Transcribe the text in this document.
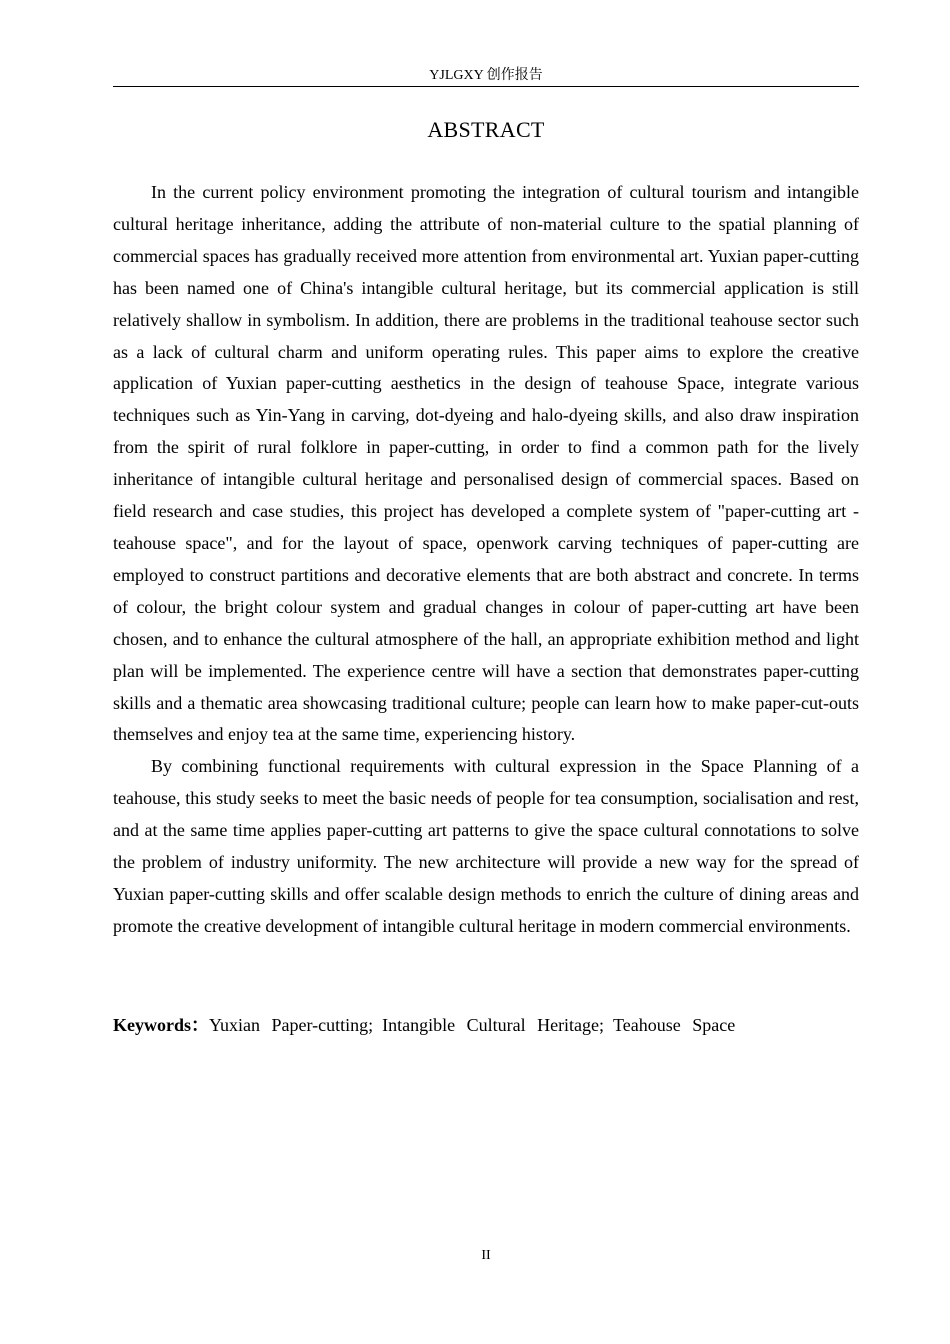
YJLGXY 创作报告
ABSTRACT

In the current policy environment promoting the integration of cultural tourism and intangible cultural heritage inheritance, adding the attribute of non-material culture to the spatial planning of commercial spaces has gradually received more attention from environmental art. Yuxian paper-cutting has been named one of China's intangible cultural heritage, but its commercial application is still relatively shallow in symbolism. In addition, there are problems in the traditional teahouse sector such as a lack of cultural charm and uniform operating rules. This paper aims to explore the creative application of Yuxian paper-cutting aesthetics in the design of teahouse Space, integrate various techniques such as Yin-Yang in carving, dot-dyeing and halo-dyeing skills, and also draw inspiration from the spirit of rural folklore in paper-cutting, in order to find a common path for the lively inheritance of intangible cultural heritage and personalised design of commercial spaces. Based on field research and case studies, this project has developed a complete system of "paper-cutting art - teahouse space", and for the layout of space, openwork carving techniques of paper-cutting are employed to construct partitions and decorative elements that are both abstract and concrete. In terms of colour, the bright colour system and gradual changes in colour of paper-cutting art have been chosen, and to enhance the cultural atmosphere of the hall, an appropriate exhibition method and light plan will be implemented. The experience centre will have a section that demonstrates paper-cutting skills and a thematic area showcasing traditional culture; people can learn how to make paper-cut-outs themselves and enjoy tea at the same time, experiencing history.

By combining functional requirements with cultural expression in the Space Planning of a teahouse, this study seeks to meet the basic needs of people for tea consumption, socialisation and rest, and at the same time applies paper-cutting art patterns to give the space cultural connotations to solve the problem of industry uniformity. The new architecture will provide a new way for the spread of Yuxian paper-cutting skills and offer scalable design methods to enrich the culture of dining areas and promote the creative development of intangible cultural heritage in modern commercial environments.

Keywords：Yuxian Paper-cutting; Intangible Cultural Heritage; Teahouse Space
II
